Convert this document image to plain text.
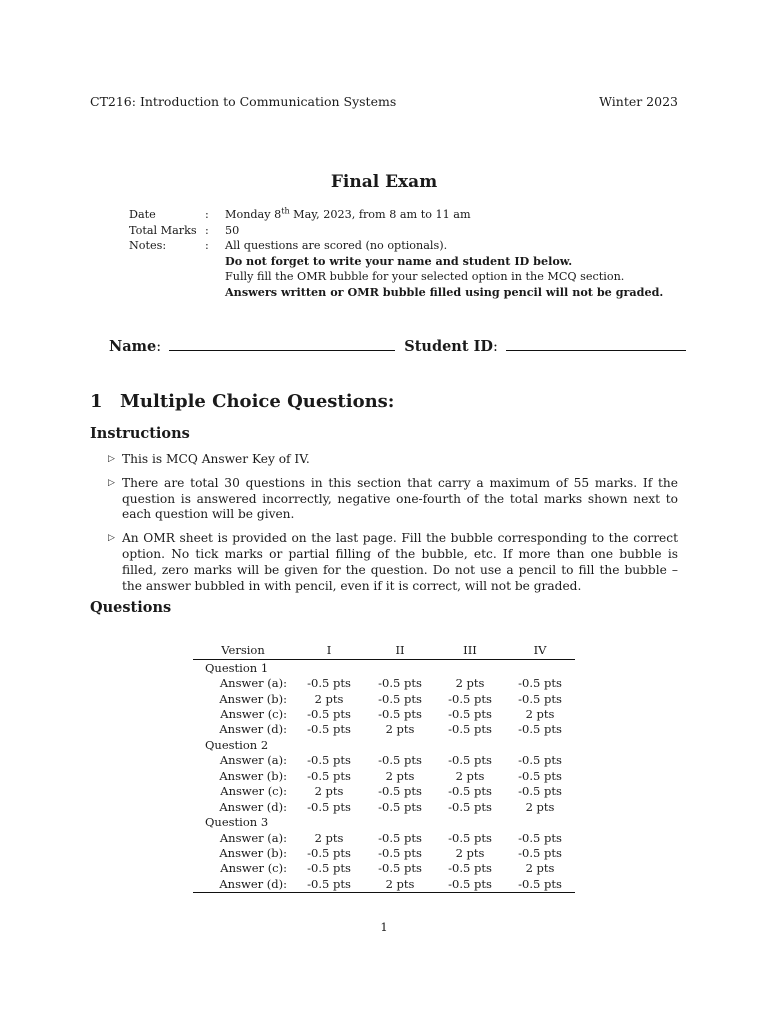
CT216: Introduction to Communication Systems	Winter 2023
Final Exam
Date	: Monday 8th May, 2023, from 8 am to 11 am
Total Marks : 50
Notes:	: All questions are scored (no optionals).
Do not forget to write your name and student ID below.
Fully fill the OMR bubble for your selected option in the MCQ section.
Answers written or OMR bubble filled using pencil will not be graded.
Name:	Student ID:
1 Multiple Choice Questions:
Instructions
▷ This is MCQ Answer Key of IV.
▷ There are total 30 questions in this section that carry a maximum of 55 marks. If the question is answered incorrectly, negative one-fourth of the total marks shown next to each question will be given.
▷ An OMR sheet is provided on the last page. Fill the bubble corresponding to the correct option. No tick marks or partial filling of the bubble, etc. If more than one bubble is filled, zero marks will be given for the question. Do not use a pencil to fill the bubble – the answer bubbled in with pencil, even if it is correct, will not be graded.
Questions
Version	I	II	III	IV
Question 1				
Answer (a):	-0.5 pts	-0.5 pts	2 pts	-0.5 pts
Answer (b):	2 pts	-0.5 pts	-0.5 pts	-0.5 pts
Answer (c):	-0.5 pts	-0.5 pts	-0.5 pts	2 pts
Answer (d):	-0.5 pts	2 pts	-0.5 pts	-0.5 pts
Question 2				
Answer (a):	-0.5 pts	-0.5 pts	-0.5 pts	-0.5 pts
Answer (b):	-0.5 pts	2 pts	2 pts	-0.5 pts
Answer (c):	2 pts	-0.5 pts	-0.5 pts	-0.5 pts
Answer (d):	-0.5 pts	-0.5 pts	-0.5 pts	2 pts
Question 3				
Answer (a):	2 pts	-0.5 pts	-0.5 pts	-0.5 pts
Answer (b):	-0.5 pts	-0.5 pts	2 pts	-0.5 pts
Answer (c):	-0.5 pts	-0.5 pts	-0.5 pts	2 pts
Answer (d):	-0.5 pts	2 pts	-0.5 pts	-0.5 pts
1
